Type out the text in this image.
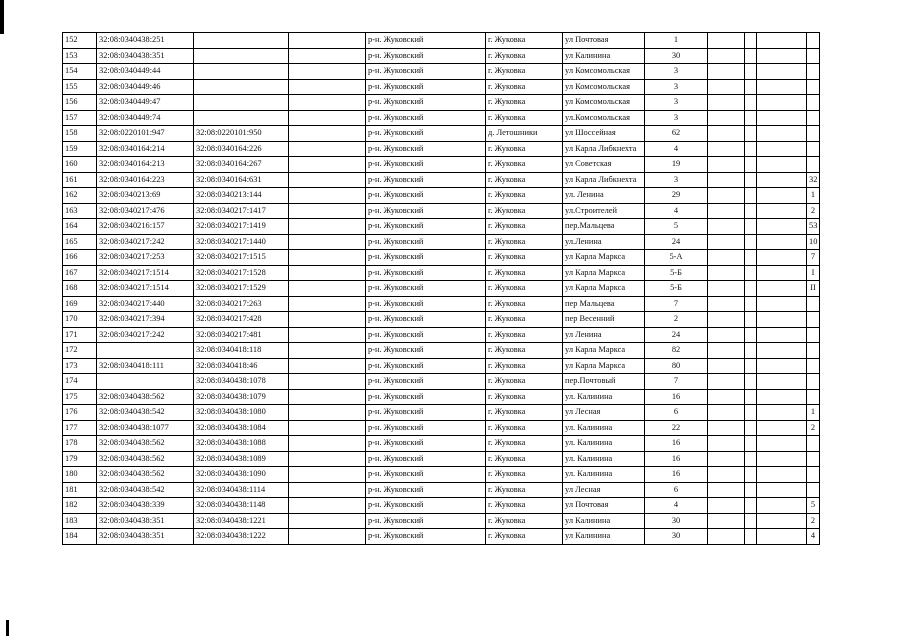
152	32:08:0340438:251			р-н. Жуковский	г. Жуковка	ул Почтовая	1				
153	32:08:0340438:351			р-н. Жуковский	г. Жуковка	ул Калинина	30				
154	32:08:0340449:44			р-н. Жуковский	г. Жуковка	ул Комсомольская	3				
155	32:08:0340449:46			р-н. Жуковский	г. Жуковка	ул Комсомольская	3				
156	32:08:0340449:47			р-н. Жуковский	г. Жуковка	ул Комсомольская	3				
157	32:08:0340449:74			р-н. Жуковский	г. Жуковка	ул.Комсомольская	3				
158	32:08:0220101:947	32:08:0220101:950		р-н. Жуковский	д. Летошники	ул Шоссейная	62				
159	32:08:0340164:214	32:08:0340164:226		р-н. Жуковский	г. Жуковка	ул Карла Либкнехта	4				
160	32:08:0340164:213	32:08:0340164:267		р-н. Жуковский	г. Жуковка	ул Советская	19				
161	32:08:0340164:223	32:08:0340164:631		р-н. Жуковский	г. Жуковка	ул Карла Либкнехта	3				32
162	32:08:0340213:69	32:08:0340213:144		р-н. Жуковский	г. Жуковка	ул. Ленина	29				1
163	32:08:0340217:476	32:08:0340217:1417		р-н. Жуковский	г. Жуковка	ул.Строителей	4				2
164	32:08:0340216:157	32:08:0340217:1419		р-н. Жуковский	г. Жуковка	пер.Мальцева	5				53
165	32:08:0340217:242	32:08:0340217:1440		р-н. Жуковский	г. Жуковка	ул.Ленина	24				10
166	32:08:0340217:253	32:08:0340217:1515		р-н. Жуковский	г. Жуковка	ул Карла Маркса	5-А				7
167	32:08:0340217:1514	32:08:0340217:1528		р-н. Жуковский	г. Жуковка	ул Карла Маркса	5-Б				I
168	32:08:0340217:1514	32:08:0340217:1529		р-н. Жуковский	г. Жуковка	ул Карла Маркса	5-Б				II
169	32:08:0340217:440	32:08:0340217:263		р-н. Жуковский	г. Жуковка	пер Мальцева	7				
170	32:08:0340217:394	32:08:0340217:428		р-н. Жуковский	г. Жуковка	пер Весенний	2				
171	32:08:0340217:242	32:08:0340217:481		р-н. Жуковский	г. Жуковка	ул Ленина	24				
172		32:08:0340418:118		р-н. Жуковский	г. Жуковка	ул Карла Маркса	82				
173	32:08:0340418:111	32:08:0340418:46		р-н. Жуковский	г. Жуковка	ул Карла Маркса	80				
174		32:08:0340438:1078		р-н. Жуковский	г. Жуковка	пер.Почтовый	7				
175	32:08:0340438:562	32:08:0340438:1079		р-н. Жуковский	г. Жуковка	ул. Калинина	16				
176	32:08:0340438:542	32:08:0340438:1080		р-н. Жуковский	г. Жуковка	ул Лесная	6				1
177	32:08:0340438:1077	32:08:0340438:1084		р-н. Жуковский	г. Жуковка	ул. Калинина	22				2
178	32:08:0340438:562	32:08:0340438:1088		р-н. Жуковский	г. Жуковка	ул. Калинина	16				
179	32:08:0340438:562	32:08:0340438:1089		р-н. Жуковский	г. Жуковка	ул. Калинина	16				
180	32:08:0340438:562	32:08:0340438:1090		р-н. Жуковский	г. Жуковка	ул. Калинина	16				
181	32:08:0340438:542	32:08:0340438:1114		р-н. Жуковский	г. Жуковка	ул Лесная	6				
182	32:08:0340438:339	32:08:0340438:1148		р-н. Жуковский	г. Жуковка	ул Почтовая	4				5
183	32:08:0340438:351	32:08:0340438:1221		р-н. Жуковский	г. Жуковка	ул Калинина	30				2
184	32:08:0340438:351	32:08:0340438:1222		р-н. Жуковский	г. Жуковка	ул Калинина	30				4
